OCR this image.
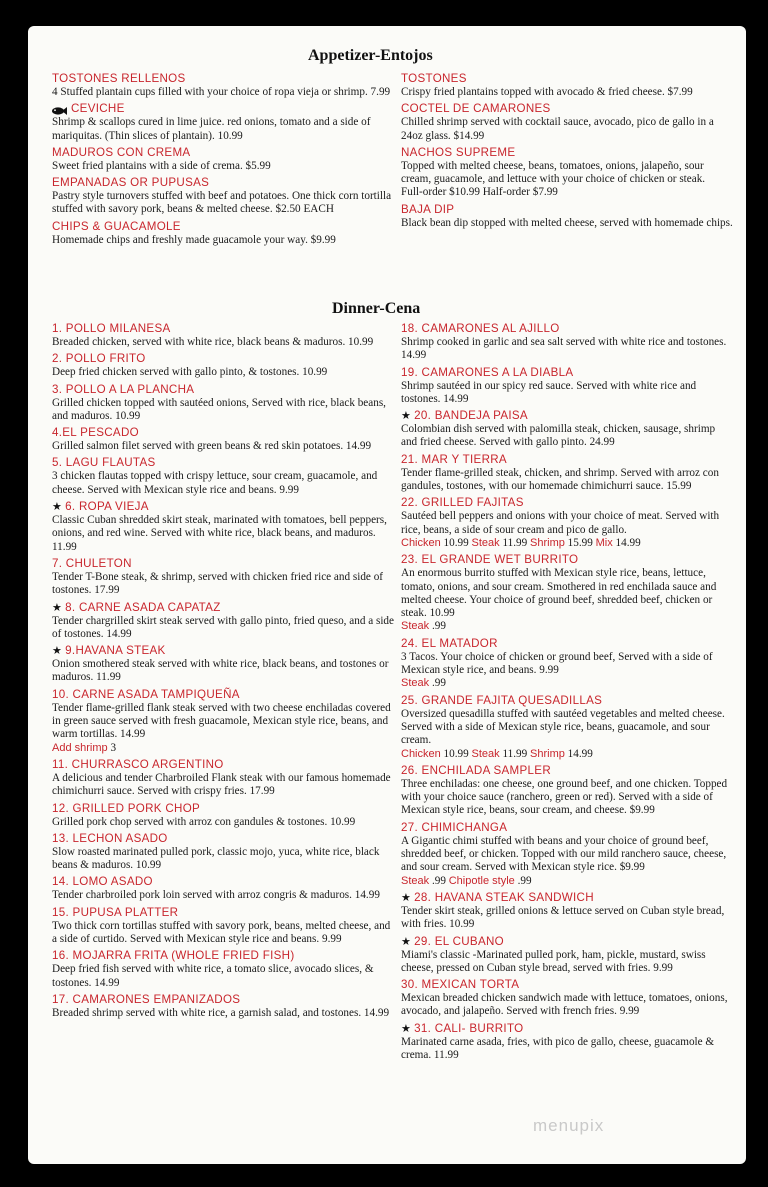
Appetizer-Entojos
TOSTONES RELLENOS
4 Stuffed plantain cups filled with your choice of ropa vieja or shrimp. 7.99
CEVICHE
Shrimp & scallops cured in lime juice. red onions, tomato and a side of mariquitas. (Thin slices of plantain). 10.99
MADUROS CON CREMA
Sweet fried plantains with a side of crema. $5.99
EMPANADAS OR PUPUSAS
Pastry style turnovers stuffed with beef and potatoes. One thick corn tortilla stuffed with savory pork, beans & melted cheese. $2.50 EACH
CHIPS & GUACAMOLE
Homemade chips and freshly made guacamole your way. $9.99
TOSTONES
Crispy fried plantains topped with avocado & fried cheese. $7.99
COCTEL DE CAMARONES
Chilled shrimp served with cocktail sauce, avocado, pico de gallo in a 24oz glass. $14.99
NACHOS SUPREME
Topped with melted cheese, beans, tomatoes, onions, jalapeño, sour cream, guacamole, and lettuce with your choice of chicken or steak.
Full-order $10.99 Half-order $7.99
BAJA DIP
Black bean dip stopped with melted cheese, served with homemade chips.
Dinner-Cena
1. POLLO MILANESA
Breaded chicken, served with white rice, black beans & maduros. 10.99
2. POLLO FRITO
Deep fried chicken served with gallo pinto, & tostones. 10.99
3. POLLO A LA PLANCHA
Grilled chicken topped with sautéed onions, Served with rice, black beans, and maduros. 10.99
4.EL PESCADO
Grilled salmon filet served with green beans & red skin potatoes. 14.99
5. LAGU FLAUTAS
3 chicken flautas topped with crispy lettuce, sour cream, guacamole, and cheese. Served with Mexican style rice and beans. 9.99
★ 6. ROPA VIEJA
Classic Cuban shredded skirt steak, marinated with tomatoes, bell peppers, onions, and red wine. Served with white rice, black beans, and maduros. 11.99
7. CHULETON
Tender T-Bone steak, & shrimp, served with chicken fried rice and side of tostones. 17.99
★ 8. CARNE ASADA CAPATAZ
Tender chargrilled skirt steak served with gallo pinto, fried queso, and a side of tostones. 14.99
★ 9.HAVANA STEAK
Onion smothered steak served with white rice, black beans, and tostones or maduros. 11.99
10. CARNE ASADA TAMPIQUEÑA
Tender flame-grilled flank steak served with two cheese enchiladas covered in green sauce served with fresh guacamole, Mexican style rice, beans, and warm tortillas. 14.99
Add shrimp 3
11. CHURRASCO ARGENTINO
A delicious and tender Charbroiled Flank steak with our famous homemade chimichurri sauce. Served with crispy fries. 17.99
12. GRILLED PORK CHOP
Grilled pork chop served with arroz con gandules & tostones. 10.99
13. LECHON ASADO
Slow roasted marinated pulled pork, classic mojo, yuca, white rice, black beans & maduros. 10.99
14. LOMO ASADO
Tender charbroiled pork loin served with arroz congris & maduros. 14.99
15. PUPUSA PLATTER
Two thick corn tortillas stuffed with savory pork, beans, melted cheese, and a side of curtido. Served with Mexican style rice and beans. 9.99
16. MOJARRA FRITA (WHOLE FRIED FISH)
Deep fried fish served with white rice, a tomato slice, avocado slices, & tostones. 14.99
17. CAMARONES EMPANIZADOS
Breaded shrimp served with white rice, a garnish salad, and tostones. 14.99
18. CAMARONES AL AJILLO
Shrimp cooked in garlic and sea salt served with white rice and tostones. 14.99
19. CAMARONES A LA DIABLA
Shrimp sautéed in our spicy red sauce. Served with white rice and tostones. 14.99
★ 20. BANDEJA PAISA
Colombian dish served with palomilla steak, chicken, sausage, shrimp and fried cheese. Served with gallo pinto. 24.99
21. MAR Y TIERRA
Tender flame-grilled steak, chicken, and shrimp. Served with arroz con gandules, tostones, with our homemade chimichurri sauce. 15.99
22. GRILLED FAJITAS
Sautéed bell peppers and onions with your choice of meat. Served with rice, beans, a side of sour cream and pico de gallo.
Chicken 10.99 Steak 11.99 Shrimp 15.99 Mix 14.99
23. EL GRANDE WET BURRITO
An enormous burrito stuffed with Mexican style rice, beans, lettuce, tomato, onions, and sour cream. Smothered in red enchilada sauce and melted cheese. Your choice of ground beef, shredded beef, chicken or steak. 10.99
Steak .99
24. EL MATADOR
3 Tacos. Your choice of chicken or ground beef, Served with a side of Mexican style rice, and beans. 9.99
Steak .99
25. GRANDE FAJITA QUESADILLAS
Oversized quesadilla stuffed with sautéed vegetables and melted cheese. Served with a side of Mexican style rice, beans, guacamole, and sour cream.
Chicken 10.99 Steak 11.99 Shrimp 14.99
26. ENCHILADA SAMPLER
Three enchiladas: one cheese, one ground beef, and one chicken. Topped with your choice sauce (ranchero, green or red). Served with a side of Mexican style rice, beans, sour cream, and cheese. $9.99
27. CHIMICHANGA
A Gigantic chimi stuffed with beans and your choice of ground beef, shredded beef, or chicken. Topped with our mild ranchero sauce, cheese, and sour cream. Served with Mexican style rice. $9.99
Steak .99 Chipotle style .99
★ 28. HAVANA STEAK SANDWICH
Tender skirt steak, grilled onions & lettuce served on Cuban style bread, with fries. 10.99
★ 29. EL CUBANO
Miami's classic -Marinated pulled pork, ham, pickle, mustard, swiss cheese, pressed on Cuban style bread, served with fries. 9.99
30. MEXICAN TORTA
Mexican breaded chicken sandwich made with lettuce, tomatoes, onions, avocado, and jalapeño. Served with french fries. 9.99
★ 31. CALI- BURRITO
Marinated carne asada, fries, with pico de gallo, cheese, guacamole & crema. 11.99
menupix
